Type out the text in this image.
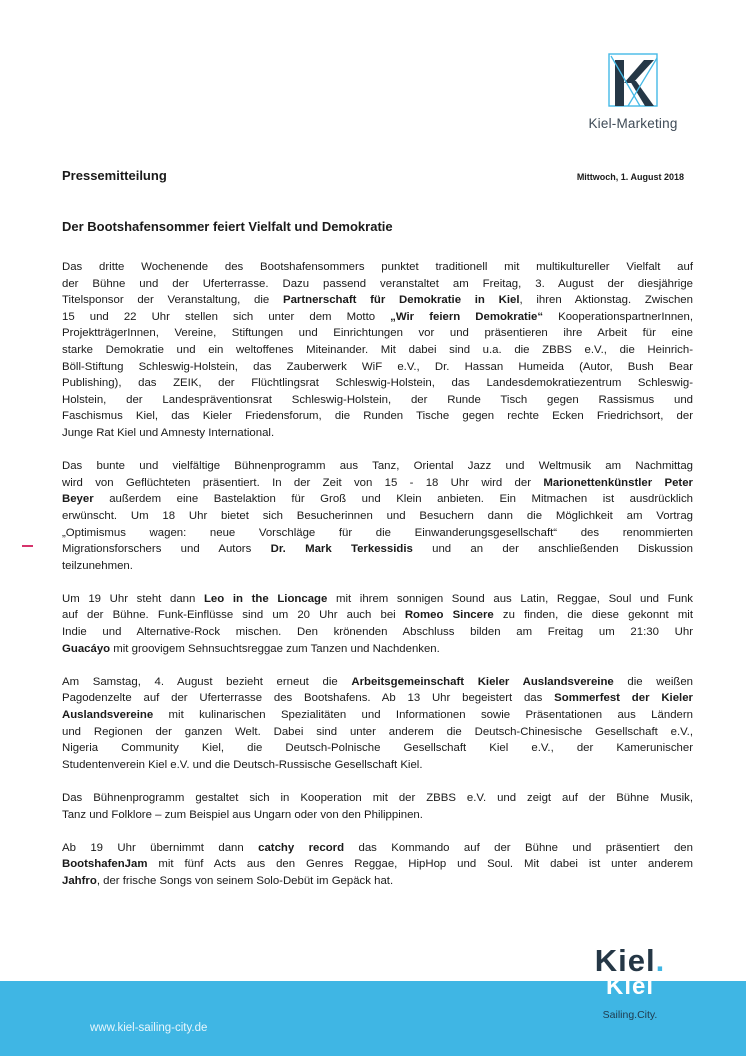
Kiel-Marketing
Pressemitteilung	Mittwoch, 1. August 2018
Der Bootshafensommer feiert Vielfalt und Demokratie

Das dritte Wochenende des Bootshafensommers punktet traditionell mit multikultureller Vielfalt auf
der Bühne und der Uferterrasse. Dazu passend veranstaltet am Freitag, 3. August der diesjährige
Titelsponsor der Veranstaltung, die Partnerschaft für Demokratie in Kiel, ihren Aktionstag. Zwischen
15 und 22 Uhr stellen sich unter dem Motto „Wir feiern Demokratie“ KooperationspartnerInnen,
ProjektträgerInnen, Vereine, Stiftungen und Einrichtungen vor und präsentieren ihre Arbeit für eine
starke Demokratie und ein weltoffenes Miteinander. Mit dabei sind u.a. die ZBBS e.V., die Heinrich-
Böll-Stiftung Schleswig-Holstein, das Zauberwerk WiF e.V., Dr. Hassan Humeida (Autor, Bush Bear
Publishing), das ZEIK, der Flüchtlingsrat Schleswig-Holstein, das Landesdemokratiezentrum Schleswig-
Holstein, der Landespräventionsrat Schleswig-Holstein, der Runde Tisch gegen Rassismus und
Faschismus Kiel, das Kieler Friedensforum, die Runden Tische gegen rechte Ecken Friedrichsort, der
Junge Rat Kiel und Amnesty International.

Das bunte und vielfältige Bühnenprogramm aus Tanz, Oriental Jazz und Weltmusik am Nachmittag
wird von Geflüchteten präsentiert. In der Zeit von 15 - 18 Uhr wird der Marionettenkünstler Peter
Beyer außerdem eine Bastelaktion für Groß und Klein anbieten. Ein Mitmachen ist ausdrücklich
erwünscht. Um 18 Uhr bietet sich Besucherinnen und Besuchern dann die Möglichkeit am Vortrag
„Optimismus wagen: neue Vorschläge für die Einwanderungsgesellschaft“ des renommierten
Migrationsforschers und Autors Dr. Mark Terkessidis und an der anschließenden Diskussion
teilzunehmen.

Um 19 Uhr steht dann Leo in the Lioncage mit ihrem sonnigen Sound aus Latin, Reggae, Soul und Funk
auf der Bühne. Funk-Einflüsse sind um 20 Uhr auch bei Romeo Sincere zu finden, die diese gekonnt mit
Indie und Alternative-Rock mischen. Den krönenden Abschluss bilden am Freitag um 21:30 Uhr
Guacáyo mit groovigem Sehnsuchtsreggae zum Tanzen und Nachdenken.

Am Samstag, 4. August bezieht erneut die Arbeitsgemeinschaft Kieler Auslandsvereine die weißen
Pagodenzelte auf der Uferterrasse des Bootshafens. Ab 13 Uhr begeistert das Sommerfest der Kieler
Auslandsvereine mit kulinarischen Spezialitäten und Informationen sowie Präsentationen aus Ländern
und Regionen der ganzen Welt. Dabei sind unter anderem die Deutsch-Chinesische Gesellschaft e.V.,
Nigeria Community Kiel, die Deutsch-Polnische Gesellschaft Kiel e.V., der Kamerunischer
Studentenverein Kiel e.V. und die Deutsch-Russische Gesellschaft Kiel.

Das Bühnenprogramm gestaltet sich in Kooperation mit der ZBBS e.V. und zeigt auf der Bühne Musik,
Tanz und Folklore – zum Beispiel aus Ungarn oder von den Philippinen.

Ab 19 Uhr übernimmt dann catchy record das Kommando auf der Bühne und präsentiert den
BootshafenJam mit fünf Acts aus den Genres Reggae, HipHop und Soul. Mit dabei ist unter anderem
Jahfro, der frische Songs von seinem Solo-Debüt im Gepäck hat.

www.kiel-sailing-city.de
Kiel.
Kiel
Sailing.City.
